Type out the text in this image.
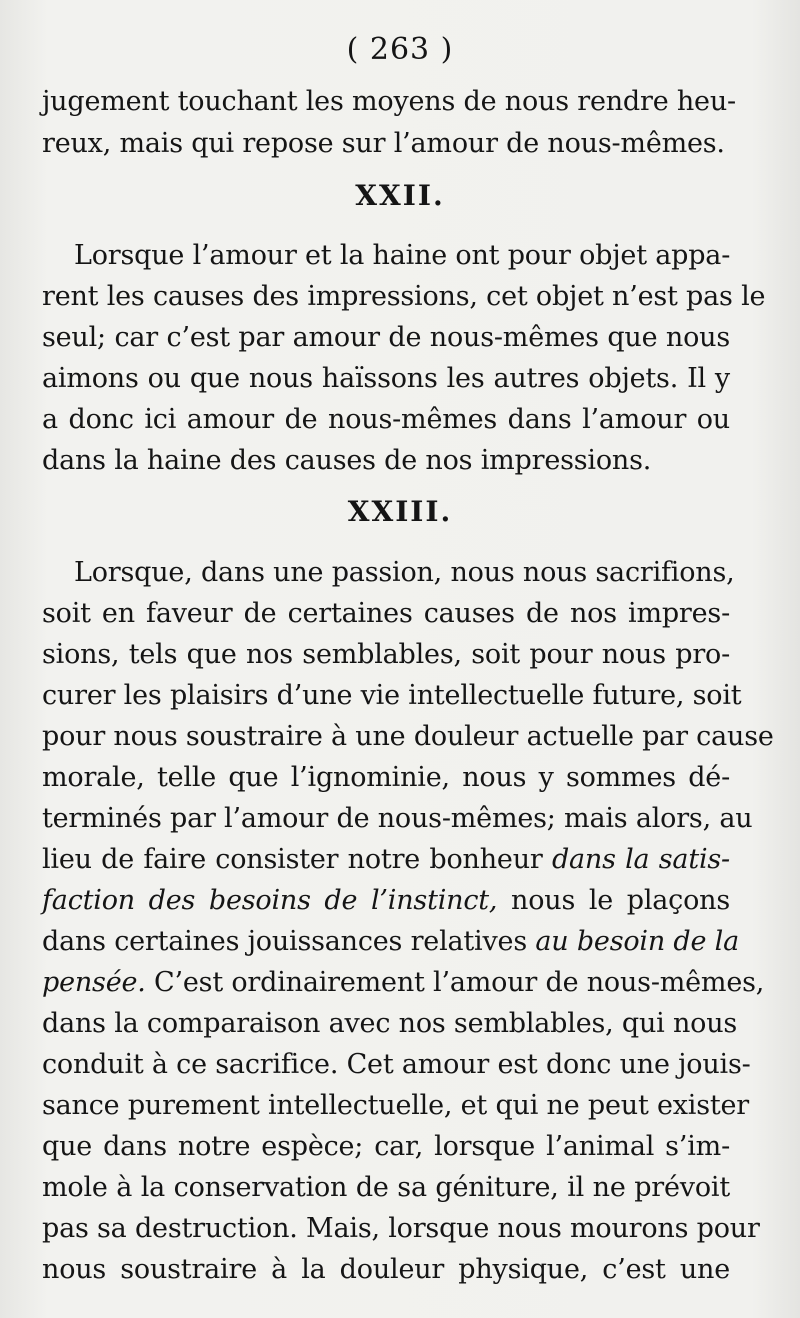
( 263 )
jugement touchant les moyens de nous rendre heu-
reux, mais qui repose sur l’amour de nous-mêmes.
XXII.
Lorsque l’amour et la haine ont pour objet appa-
rent les causes des impressions, cet objet n’est pas le
seul; car c’est par amour de nous-mêmes que nous
aimons ou que nous haïssons les autres objets. Il y
a donc ici amour de nous-mêmes dans l’amour ou
dans la haine des causes de nos impressions.
XXIII.
Lorsque, dans une passion, nous nous sacrifions,
soit en faveur de certaines causes de nos impres-
sions, tels que nos semblables, soit pour nous pro-
curer les plaisirs d’une vie intellectuelle future, soit
pour nous soustraire à une douleur actuelle par cause
morale, telle que l’ignominie, nous y sommes dé-
terminés par l’amour de nous-mêmes; mais alors, au
lieu de faire consister notre bonheur dans la satis-
faction des besoins de l’instinct, nous le plaçons
dans certaines jouissances relatives au besoin de la
pensée. C’est ordinairement l’amour de nous-mêmes,
dans la comparaison avec nos semblables, qui nous
conduit à ce sacrifice. Cet amour est donc une jouis-
sance purement intellectuelle, et qui ne peut exister
que dans notre espèce; car, lorsque l’animal s’im-
mole à la conservation de sa géniture, il ne prévoit
pas sa destruction. Mais, lorsque nous mourons pour
nous soustraire à la douleur physique, c’est une
